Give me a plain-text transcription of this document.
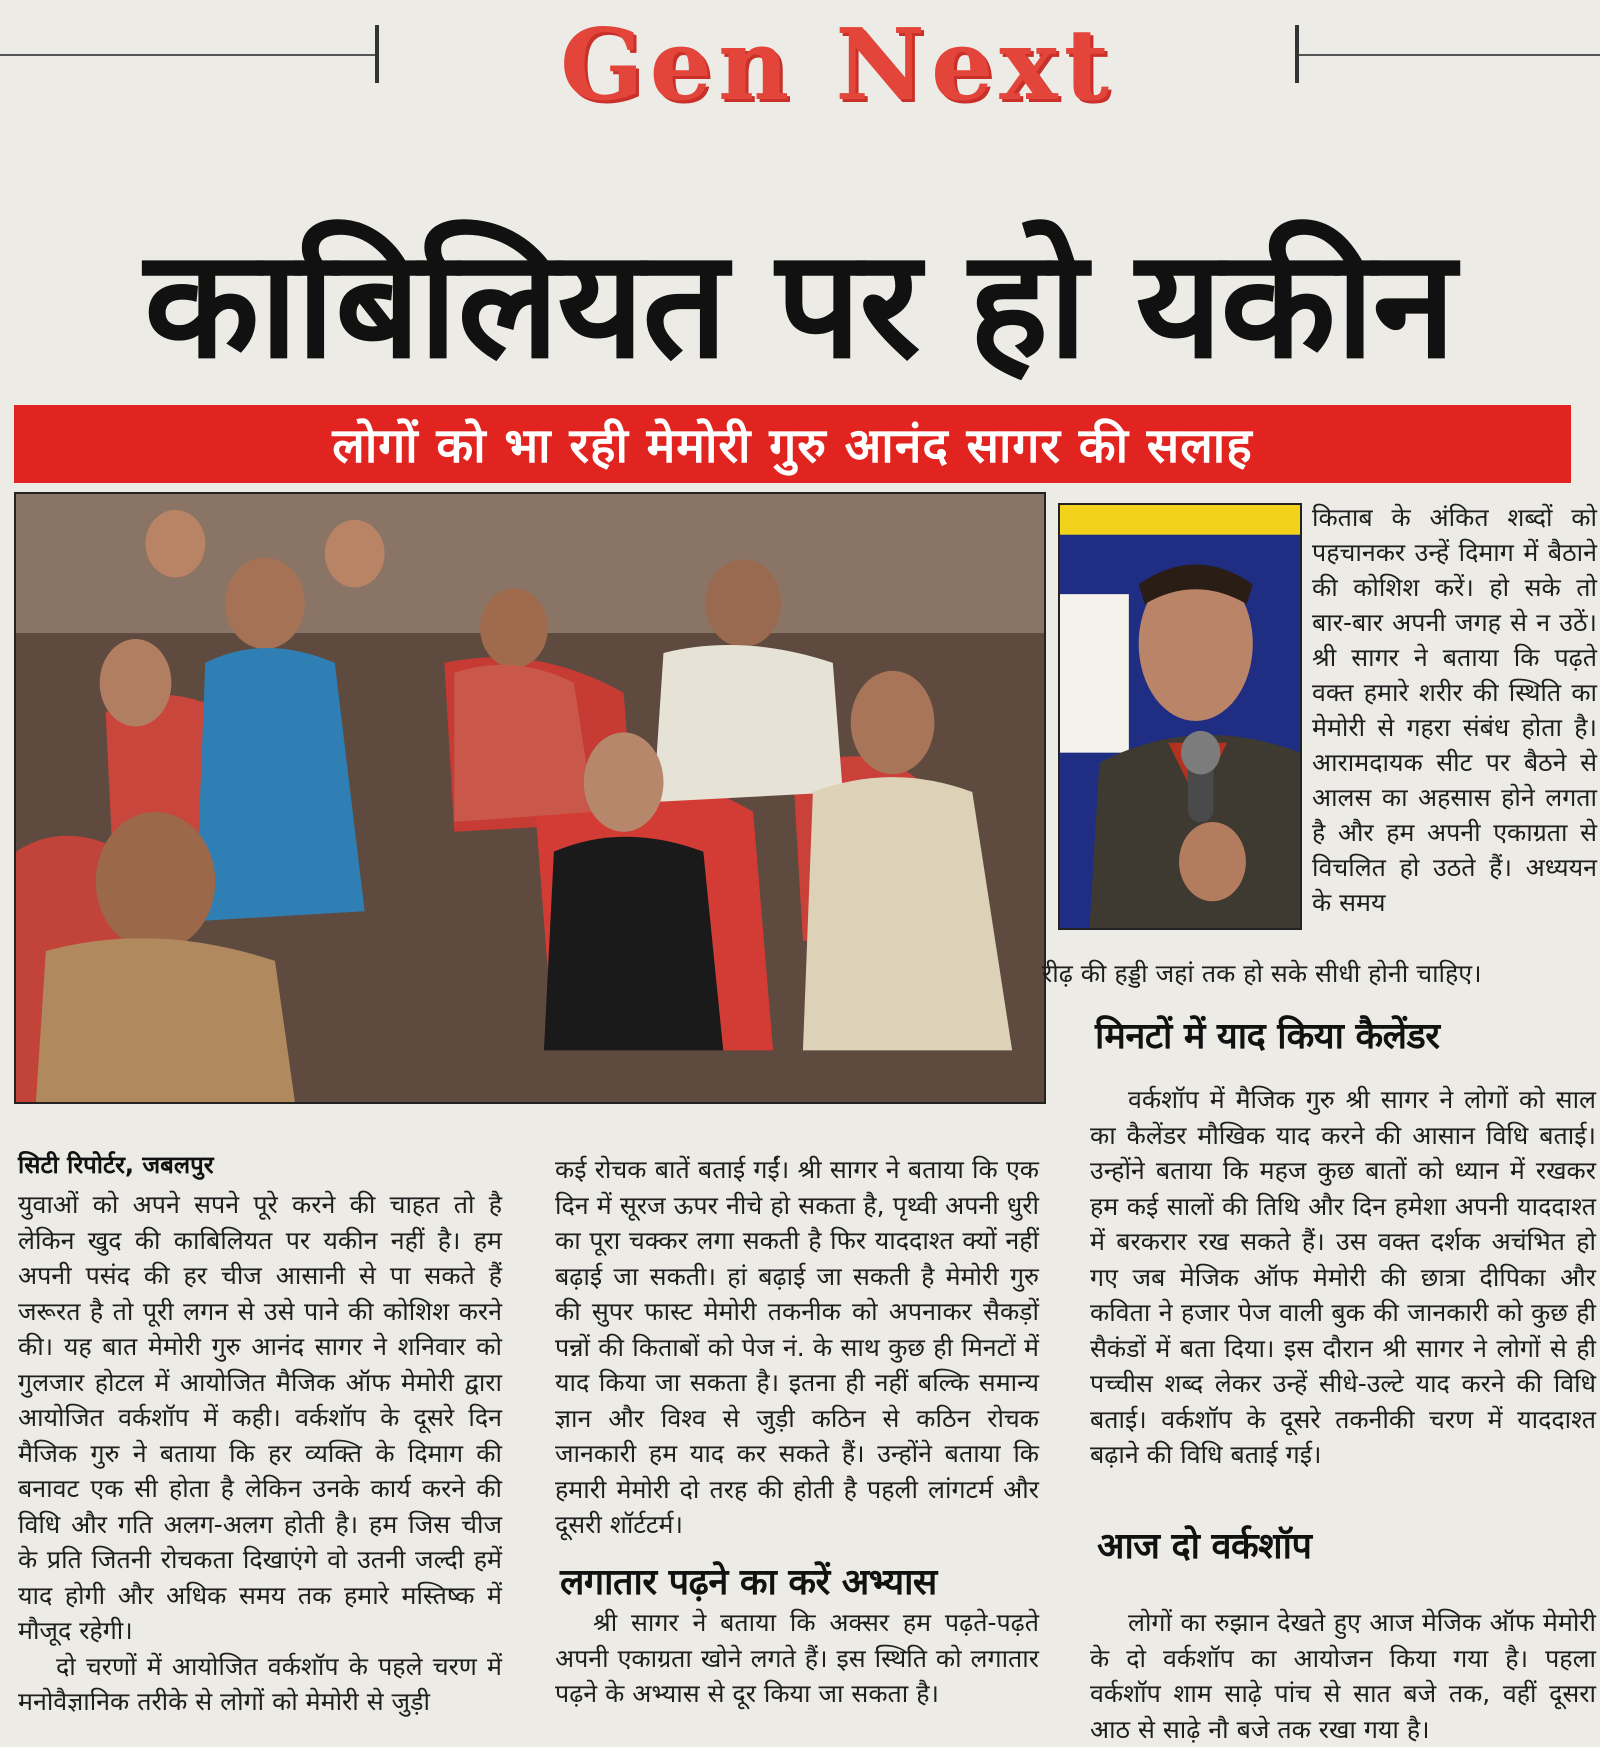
Gen Next
काबिलियत पर हो यकीन
लोगों को भा रही मेमोरी गुरु आनंद सागर की सलाह

किताब के अंकित शब्दों को पहचानकर उन्हें दिमाग में बैठाने की कोशिश करें। हो सके तो बार-बार अपनी जगह से न उठें। श्री सागर ने बताया कि पढ़ते वक्त हमारे शरीर की स्थिति का मेमोरी से गहरा संबंध होता है। आरामदायक सीट पर बैठने से आलस का अहसास होने लगता है और हम अपनी एकाग्रता से विचलित हो उठते हैं। अध्ययन के समय

रीढ़ की हड्डी जहां तक हो सके सीधी होनी चाहिए।

मिनटों में याद किया कैलेंडर

वर्कशॉप में मैजिक गुरु श्री सागर ने लोगों को साल का कैलेंडर मौखिक याद करने की आसान विधि बताई। उन्होंने बताया कि महज कुछ बातों को ध्यान में रखकर हम कई सालों की तिथि और दिन हमेशा अपनी याददाश्त में बरकरार रख सकते हैं। उस वक्त दर्शक अचंभित हो गए जब मेजिक ऑफ मेमोरी की छात्रा दीपिका और कविता ने हजार पेज वाली बुक की जानकारी को कुछ ही सैकंडों में बता दिया। इस दौरान श्री सागर ने लोगों से ही पच्चीस शब्द लेकर उन्हें सीधे-उल्टे याद करने की विधि बताई। वर्कशॉप के दूसरे तकनीकी चरण में याददाश्त बढ़ाने की विधि बताई गई।

आज दो वर्कशॉप

लोगों का रुझान देखते हुए आज मेजिक ऑफ मेमोरी के दो वर्कशॉप का आयोजन किया गया है। पहला वर्कशॉप शाम साढ़े पांच से सात बजे तक, वहीं दूसरा आठ से साढ़े नौ बजे तक रखा गया है।

सिटी रिपोर्टर, जबलपुर

युवाओं को अपने सपने पूरे करने की चाहत तो है लेकिन खुद की काबिलियत पर यकीन नहीं है। हम अपनी पसंद की हर चीज आसानी से पा सकते हैं जरूरत है तो पूरी लगन से उसे पाने की कोशिश करने की। यह बात मेमोरी गुरु आनंद सागर ने शनिवार को गुलजार होटल में आयोजित मैजिक ऑफ मेमोरी द्वारा आयोजित वर्कशॉप में कही। वर्कशॉप के दूसरे दिन मैजिक गुरु ने बताया कि हर व्यक्ति के दिमाग की बनावट एक सी होता है लेकिन उनके कार्य करने की विधि और गति अलग-अलग होती है। हम जिस चीज के प्रति जितनी रोचकता दिखाएंगे वो उतनी जल्दी हमें याद होगी और अधिक समय तक हमारे मस्तिष्क में मौजूद रहेगी।

दो चरणों में आयोजित वर्कशॉप के पहले चरण में मनोवैज्ञानिक तरीके से लोगों को मेमोरी से जुड़ी

कई रोचक बातें बताई गईं। श्री सागर ने बताया कि एक दिन में सूरज ऊपर नीचे हो सकता है, पृथ्वी अपनी धुरी का पूरा चक्कर लगा सकती है फिर याददाश्त क्यों नहीं बढ़ाई जा सकती। हां बढ़ाई जा सकती है मेमोरी गुरु की सुपर फास्ट मेमोरी तकनीक को अपनाकर सैकड़ों पन्नों की किताबों को पेज नं. के साथ कुछ ही मिनटों में याद किया जा सकता है। इतना ही नहीं बल्कि समान्य ज्ञान और विश्व से जुड़ी कठिन से कठिन रोचक जानकारी हम याद कर सकते हैं। उन्होंने बताया कि हमारी मेमोरी दो तरह की होती है पहली लांगटर्म और दूसरी शॉर्टटर्म।

लगातार पढ़ने का करें अभ्यास

श्री सागर ने बताया कि अक्सर हम पढ़ते-पढ़ते अपनी एकाग्रता खोने लगते हैं। इस स्थिति को लगातार पढ़ने के अभ्यास से दूर किया जा सकता है।
